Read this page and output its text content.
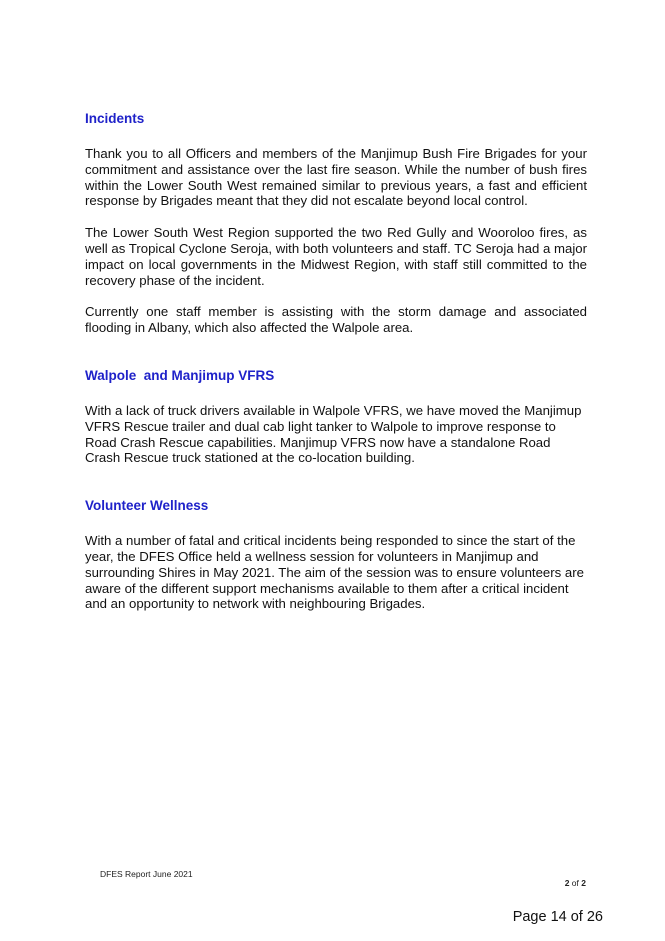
Incidents

Thank you to all Officers and members of the Manjimup Bush Fire Brigades for your commitment and assistance over the last fire season. While the number of bush fires within the Lower South West remained similar to previous years, a fast and efficient response by Brigades meant that they did not escalate beyond local control.

The Lower South West Region supported the two Red Gully and Wooroloo fires, as well as Tropical Cyclone Seroja, with both volunteers and staff. TC Seroja had a major impact on local governments in the Midwest Region, with staff still committed to the recovery phase of the incident.

Currently one staff member is assisting with the storm damage and associated flooding in Albany, which also affected the Walpole area.

Walpole  and Manjimup VFRS

With a lack of truck drivers available in Walpole VFRS, we have moved the Manjimup VFRS Rescue trailer and dual cab light tanker to Walpole to improve response to Road Crash Rescue capabilities. Manjimup VFRS now have a standalone Road Crash Rescue truck stationed at the co-location building.

Volunteer Wellness

With a number of fatal and critical incidents being responded to since the start of the year, the DFES Office held a wellness session for volunteers in Manjimup and surrounding Shires in May 2021. The aim of the session was to ensure volunteers are aware of the different support mechanisms available to them after a critical incident and an opportunity to network with neighbouring Brigades.

DFES Report June 2021
2 of 2
Page 14 of 26
